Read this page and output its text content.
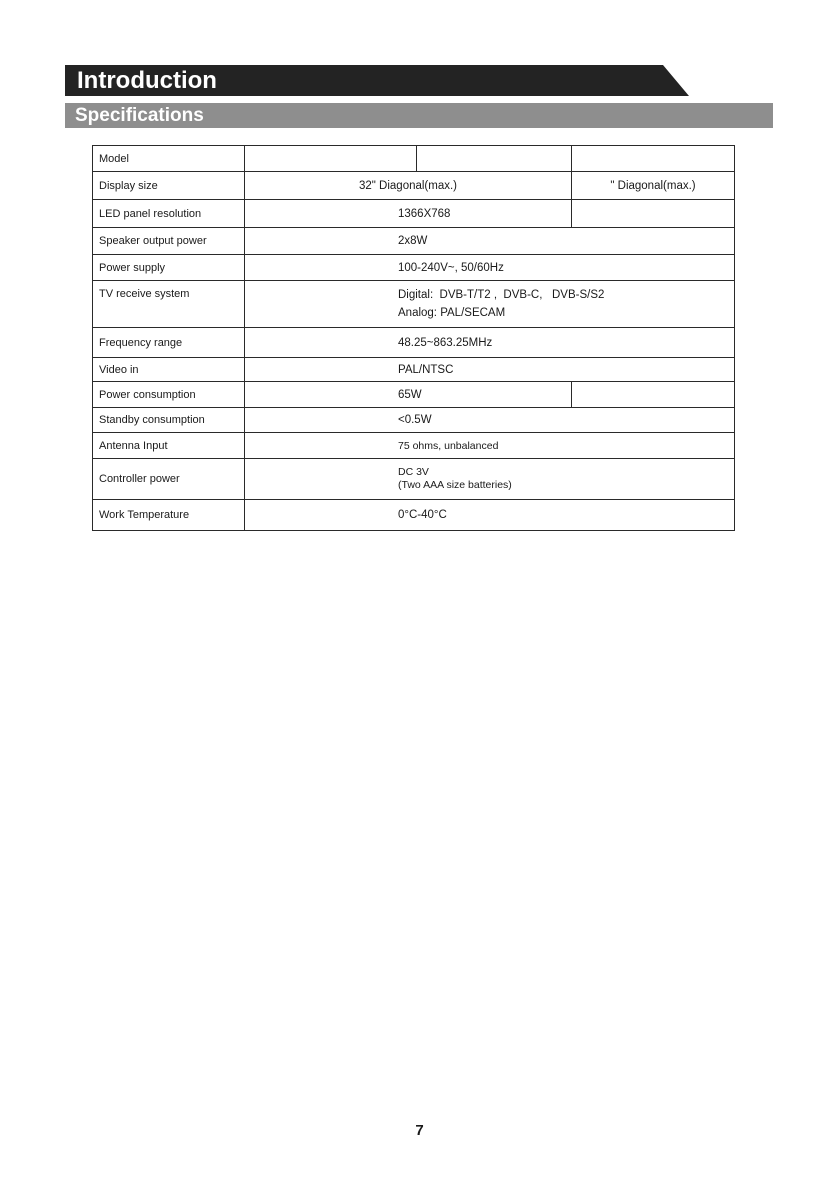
Introduction
Specifications
Model			
Display size	32" Diagonal(max.)		" Diagonal(max.)
LED panel resolution	1366X768		
Speaker output power	2x8W		
Power supply	100-240V~, 50/60Hz		
TV receive system	Digital:  DVB-T/T2 ,  DVB-C,   DVB-S/S2
Analog: PAL/SECAM		

Frequency range	48.25~863.25MHz		
Video in	PAL/NTSC		
Power consumption	65W		
Standby consumption	<0.5W		
Antenna Input	75 ohms, unbalanced		
Controller power	DC 3V
(Two AAA size batteries)		

Work Temperature	0°C-40°C		
7
